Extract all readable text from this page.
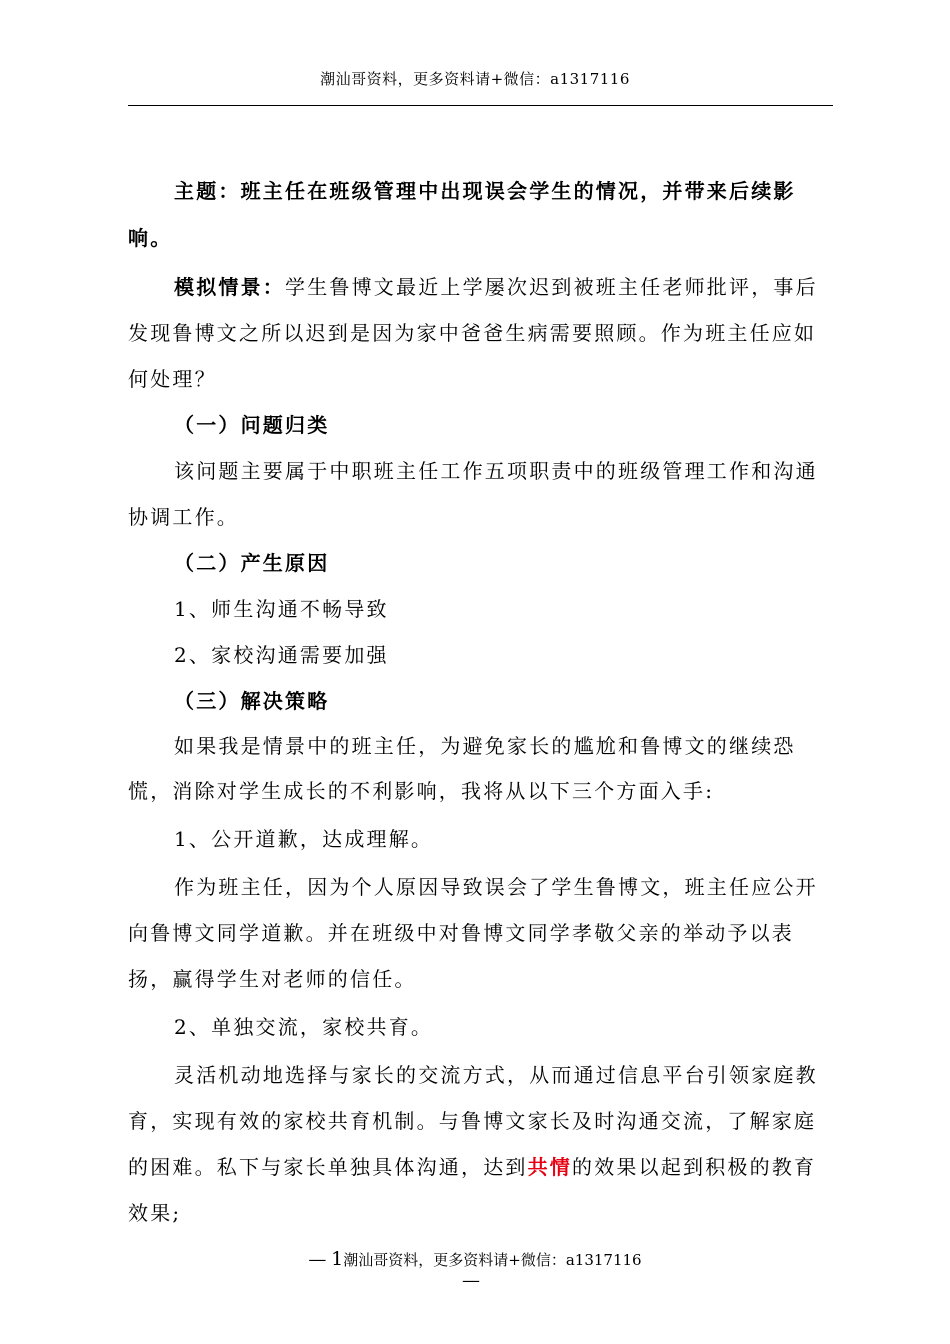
潮汕哥资料，更多资料请+微信：a1317116

主题：班主任在班级管理中出现误会学生的情况，并带来后续影响。

模拟情景：学生鲁博文最近上学屡次迟到被班主任老师批评，事后发现鲁博文之所以迟到是因为家中爸爸生病需要照顾。作为班主任应如何处理？

（一）问题归类

该问题主要属于中职班主任工作五项职责中的班级管理工作和沟通协调工作。

（二）产生原因

1、师生沟通不畅导致

2、家校沟通需要加强

（三）解决策略

如果我是情景中的班主任，为避免家长的尴尬和鲁博文的继续恐慌，消除对学生成长的不利影响，我将从以下三个方面入手:

1、公开道歉，达成理解。

作为班主任，因为个人原因导致误会了学生鲁博文，班主任应公开向鲁博文同学道歉。并在班级中对鲁博文同学孝敬父亲的举动予以表扬，赢得学生对老师的信任。

2、单独交流，家校共育。

灵活机动地选择与家长的交流方式，从而通过信息平台引领家庭教育，实现有效的家校共育机制。与鲁博文家长及时沟通交流，了解家庭的困难。私下与家长单独具体沟通，达到共情的效果以起到积极的教育效果;

— 1潮汕哥资料，更多资料请+微信：a1317116
—
